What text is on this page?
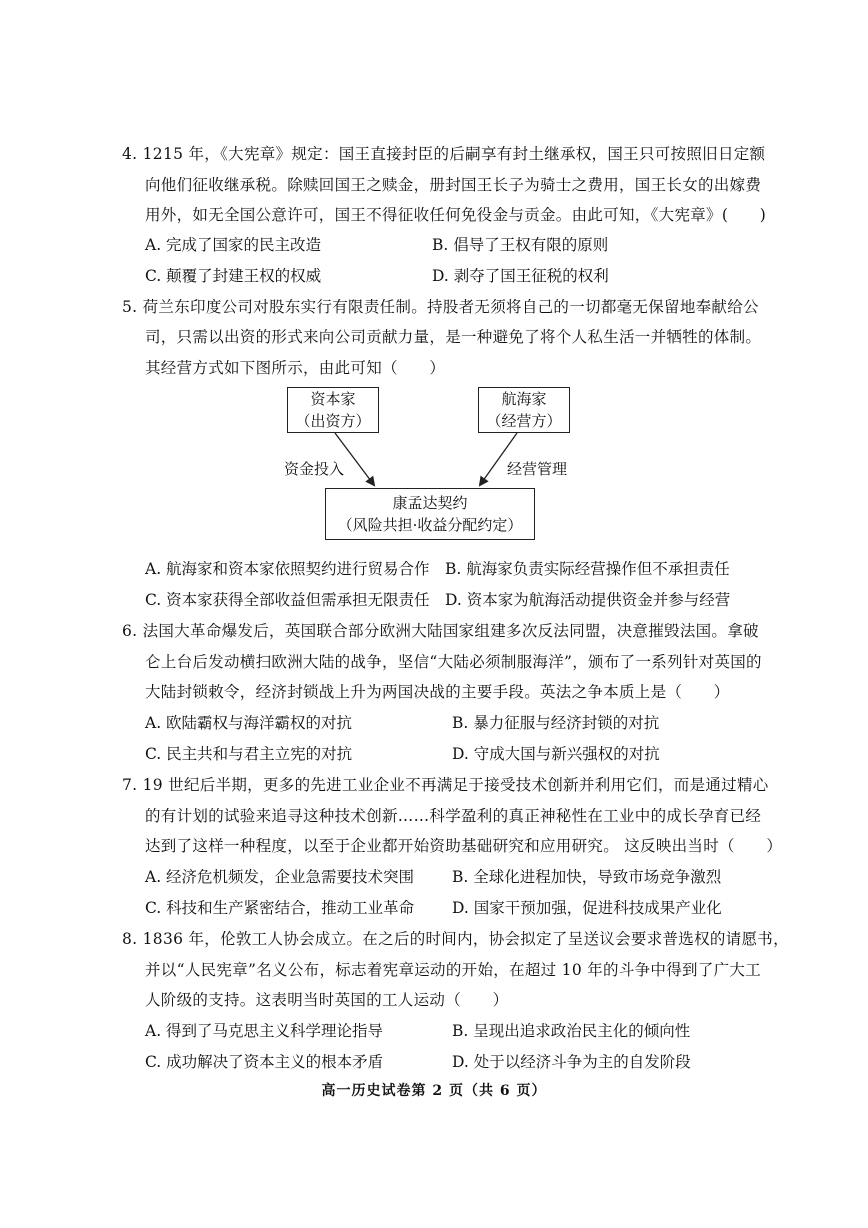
4. 1215 年，《大宪章》规定：国王直接封臣的后嗣享有封土继承权，国王只可按照旧日定额
向他们征收继承税。除赎回国王之赎金，册封国王长子为骑士之费用，国王长女的出嫁费
用外，如无全国公意许可，国王不得征收任何免役金与贡金。由此可知，《大宪章》(　　)
A. 完成了国家的民主改造	B. 倡导了王权有限的原则
C. 颠覆了封建王权的权威	D. 剥夺了国王征税的权利
5. 荷兰东印度公司对股东实行有限责任制。持股者无须将自己的一切都毫无保留地奉献给公
司，只需以出资的形式来向公司贡献力量，是一种避免了将个人私生活一并牺牲的体制。
其经营方式如下图所示，由此可知（　　）
资本家
（出资方）
航海家
（经营方）
资金投入	经营管理
康孟达契约
（风险共担·收益分配约定）
A. 航海家和资本家依照契约进行贸易合作 B. 航海家负责实际经营操作但不承担责任
C. 资本家获得全部收益但需承担无限责任 D. 资本家为航海活动提供资金并参与经营
6. 法国大革命爆发后，英国联合部分欧洲大陆国家组建多次反法同盟，决意摧毁法国。拿破
仑上台后发动横扫欧洲大陆的战争，坚信“大陆必须制服海洋”，颁布了一系列针对英国的
大陆封锁敕令，经济封锁战上升为两国决战的主要手段。英法之争本质上是（　　）
A. 欧陆霸权与海洋霸权的对抗	B. 暴力征服与经济封锁的对抗
C. 民主共和与君主立宪的对抗	D. 守成大国与新兴强权的对抗
7. 19 世纪后半期，更多的先进工业企业不再满足于接受技术创新并利用它们，而是通过精心
的有计划的试验来追寻这种技术创新……科学盈利的真正神秘性在工业中的成长孕育已经
达到了这样一种程度，以至于企业都开始资助基础研究和应用研究。 这反映出当时（　　）
A. 经济危机频发，企业急需要技术突围 B. 全球化进程加快，导致市场竞争激烈
C. 科技和生产紧密结合，推动工业革命 D. 国家干预加强，促进科技成果产业化
8. 1836 年，伦敦工人协会成立。在之后的时间内，协会拟定了呈送议会要求普选权的请愿书，
并以“人民宪章”名义公布，标志着宪章运动的开始，在超过 10 年的斗争中得到了广大工
人阶级的支持。这表明当时英国的工人运动（　　）
A. 得到了马克思主义科学理论指导	B. 呈现出追求政治民主化的倾向性
C. 成功解决了资本主义的根本矛盾	D. 处于以经济斗争为主的自发阶段
高一历史试卷第 2 页（共 6 页）
